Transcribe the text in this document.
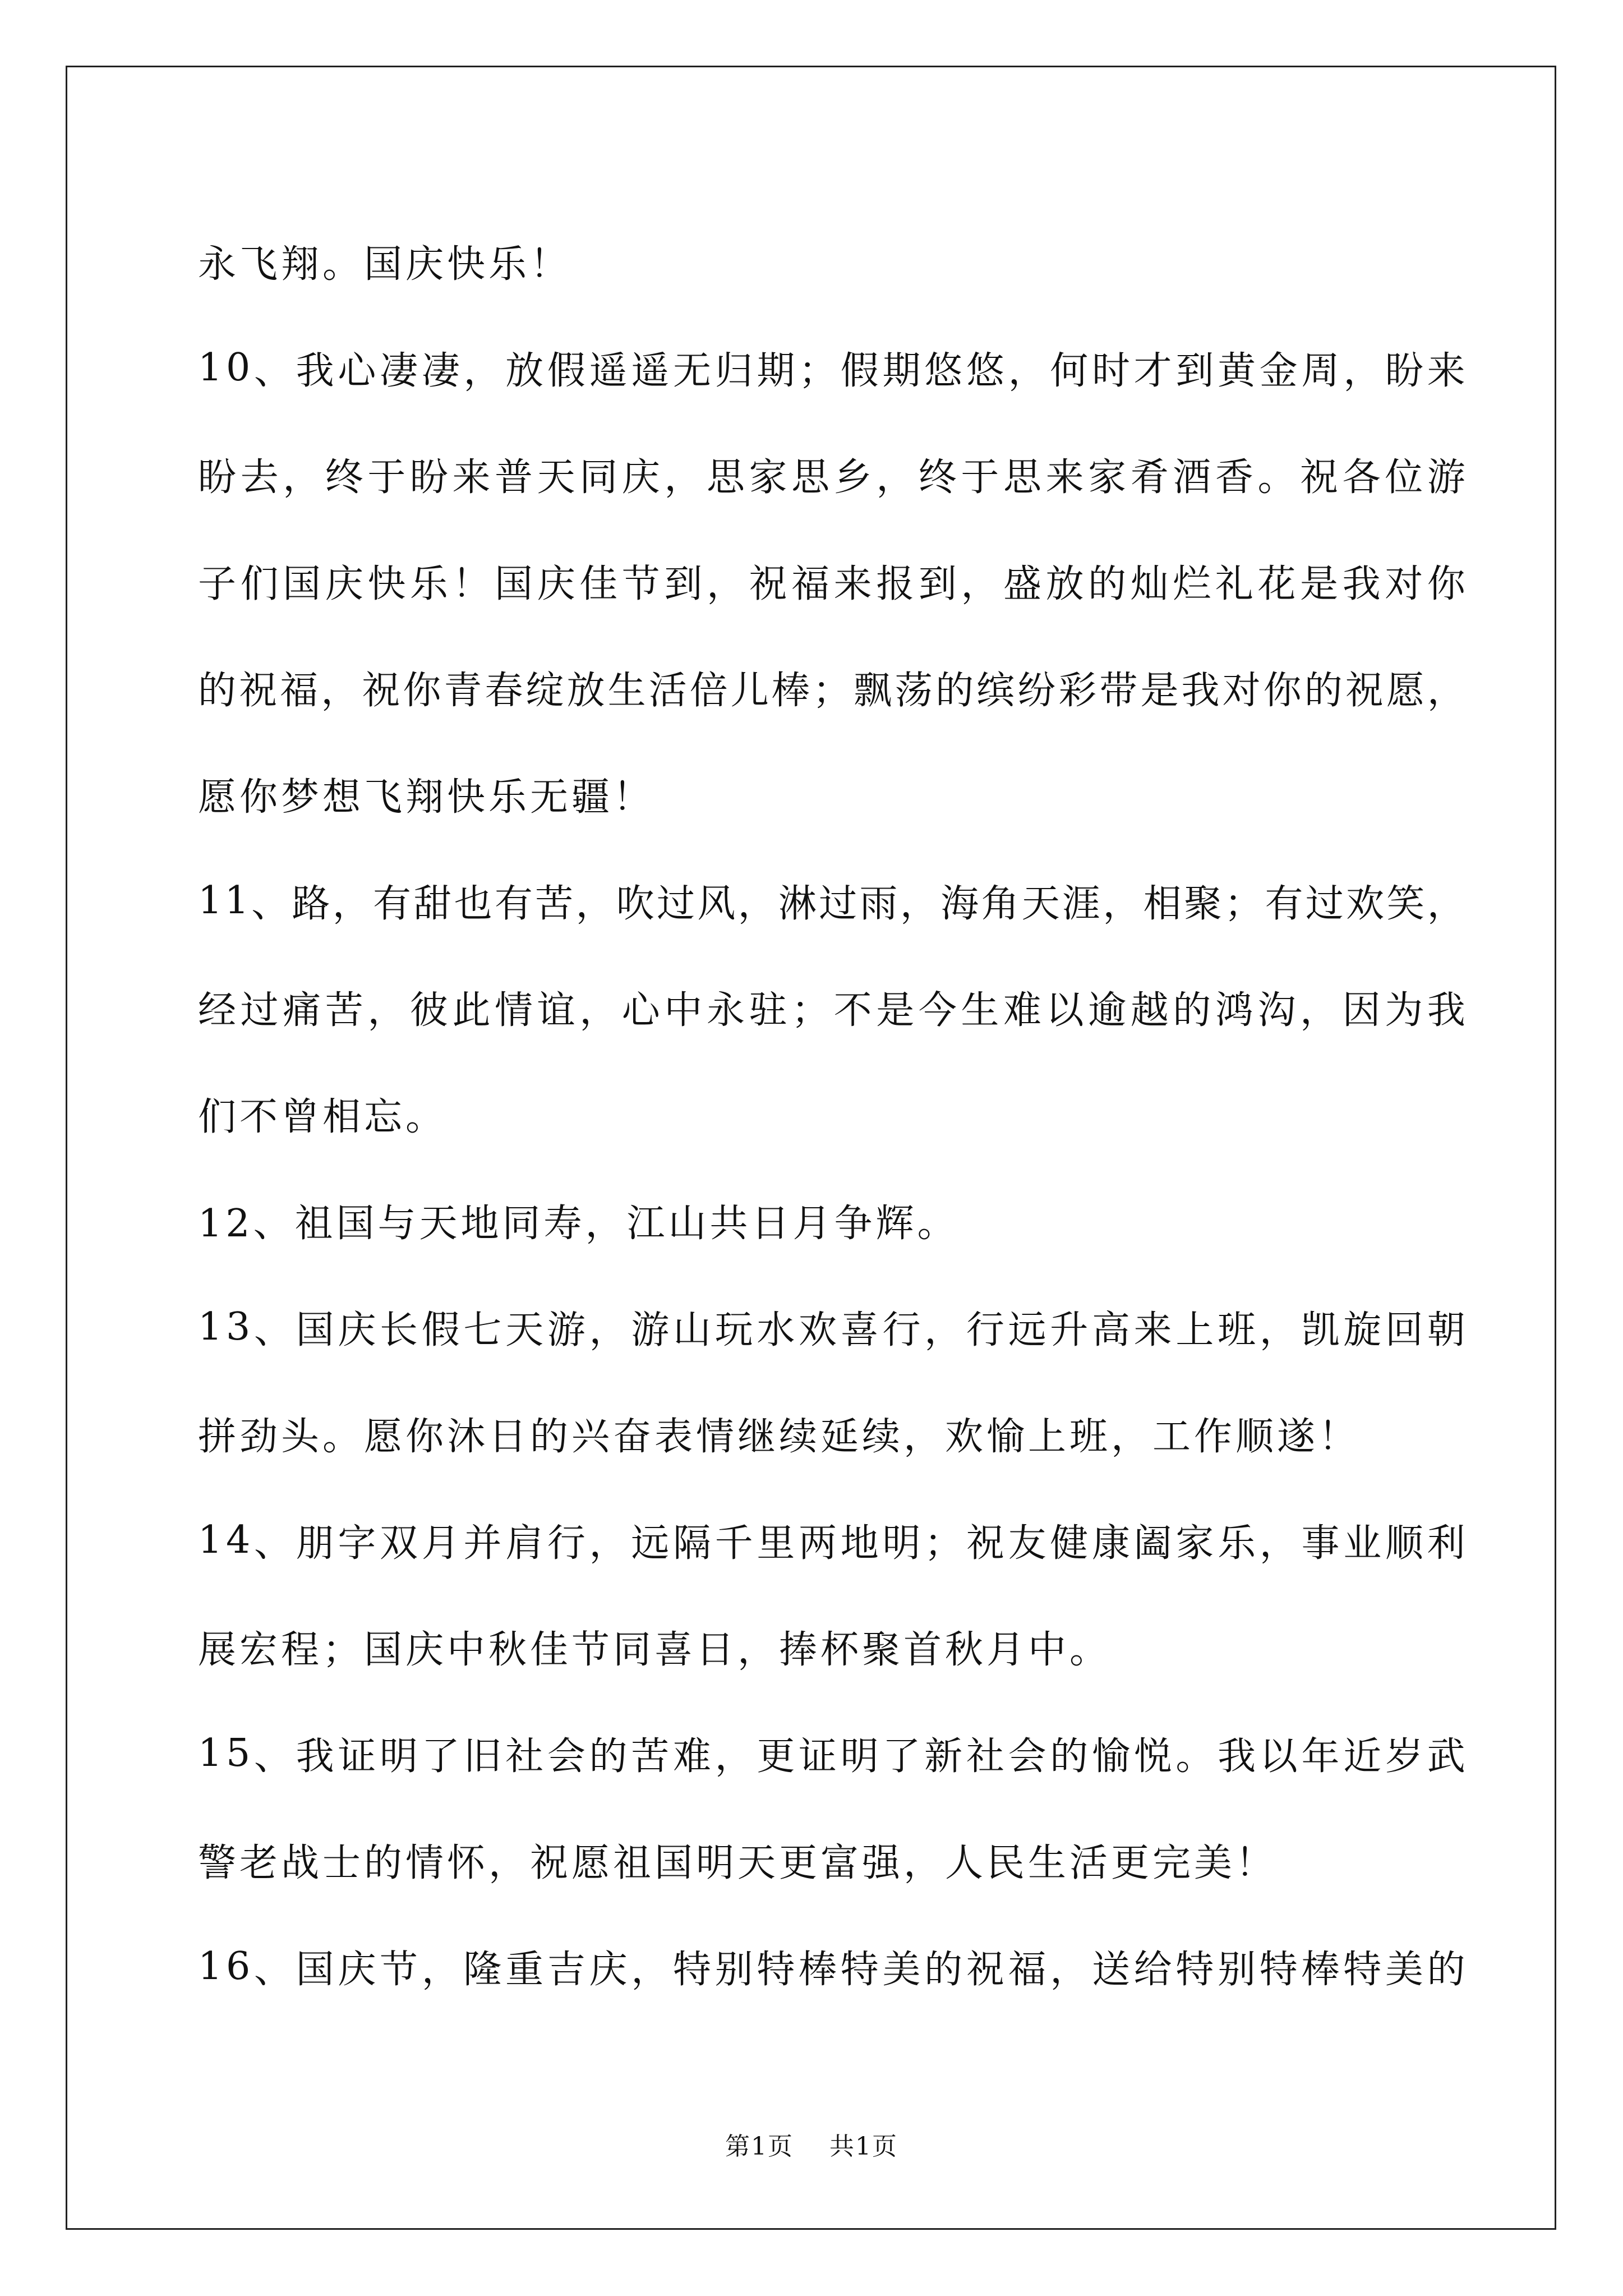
永飞翔。国庆快乐！
1 0 、 我 心 凄 凄 ， 放 假 遥 遥 无 归 期 ； 假 期 悠 悠 ， 何 时 才 到 黄 金 周 ， 盼 来
盼 去 ， 终 于 盼 来 普 天 同 庆 ， 思 家 思 乡 ， 终 于 思 来 家 肴 酒 香 。 祝 各 位 游
子 们 国 庆 快 乐 ！ 国 庆 佳 节 到 ， 祝 福 来 报 到 ， 盛 放 的 灿 烂 礼 花 是 我 对 你
的 祝 福 ， 祝 你 青 春 绽 放 生 活 倍 儿 棒 ； 飘 荡 的 缤 纷 彩 带 是 我 对 你 的 祝 愿 ，
愿你梦想飞翔快乐无疆！
1 1 、 路 ， 有 甜 也 有 苦 ， 吹 过 风 ， 淋 过 雨 ， 海 角 天 涯 ， 相 聚 ； 有 过 欢 笑 ，
经 过 痛 苦 ， 彼 此 情 谊 ， 心 中 永 驻 ； 不 是 今 生 难 以 逾 越 的 鸿 沟 ， 因 为 我
们不曾相忘。
12、祖国与天地同寿，江山共日月争辉。
1 3 、 国 庆 长 假 七 天 游 ， 游 山 玩 水 欢 喜 行 ， 行 远 升 高 来 上 班 ， 凯 旋 回 朝
拼劲头。愿你沐日的兴奋表情继续延续，欢愉上班，工作顺遂！
1 4 、 朋 字 双 月 并 肩 行 ， 远 隔 千 里 两 地 明 ； 祝 友 健 康 阖 家 乐 ， 事 业 顺 利
展宏程；国庆中秋佳节同喜日，捧杯聚首秋月中。
1 5 、 我 证 明 了 旧 社 会 的 苦 难 ， 更 证 明 了 新 社 会 的 愉 悦 。 我 以 年 近 岁 武
警老战士的情怀，祝愿祖国明天更富强，人民生活更完美！
1 6 、 国 庆 节 ， 隆 重 吉 庆 ， 特 别 特 棒 特 美 的 祝 福 ， 送 给 特 别 特 棒 特 美 的
第1页 共1页
